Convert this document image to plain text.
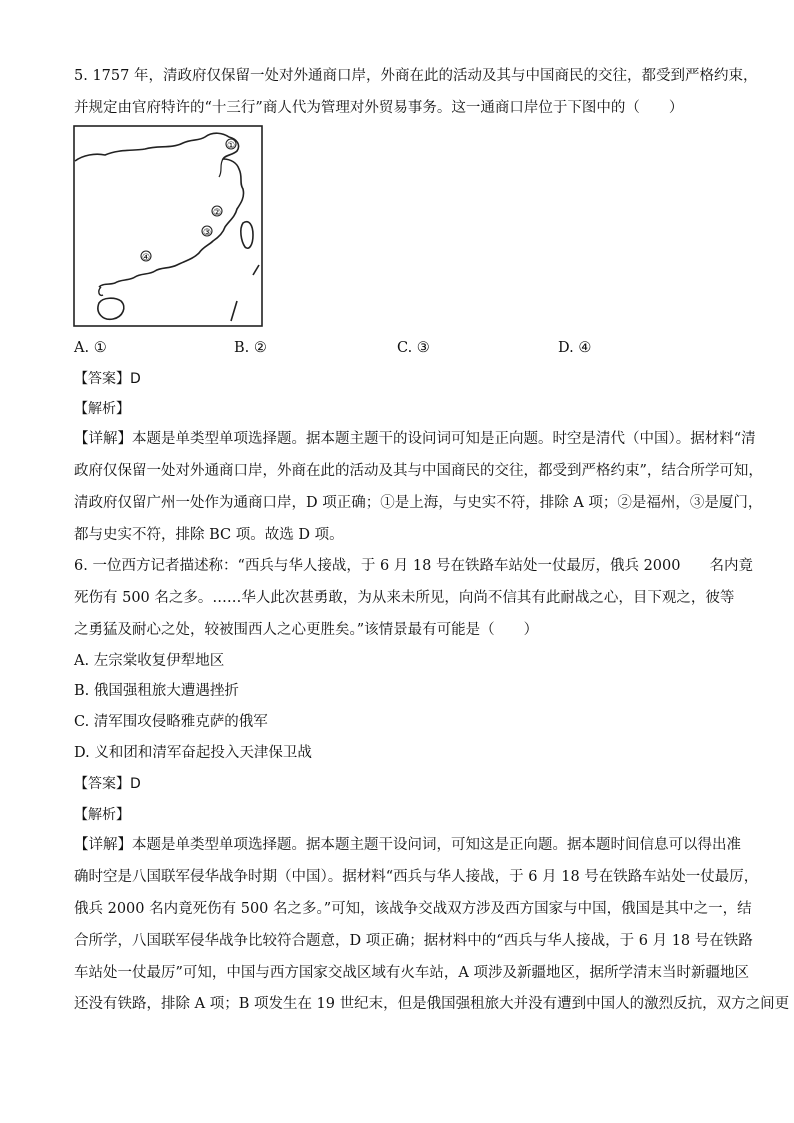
5. 1757 年，清政府仅保留一处对外通商口岸，外商在此的活动及其与中国商民的交往，都受到严格约束，
并规定由官府特许的“十三行”商人代为管理对外贸易事务。这一通商口岸位于下图中的（　　）
①
②
③
④
A. ①	B. ②	C. ③	D. ④
【答案】D
【解析】
【详解】本题是单类型单项选择题。据本题主题干的设问词可知是正向题。时空是清代（中国）。据材料“清
政府仅保留一处对外通商口岸，外商在此的活动及其与中国商民的交往，都受到严格约束”，结合所学可知，
清政府仅留广州一处作为通商口岸，D 项正确；①是上海，与史实不符，排除 A 项；②是福州，③是厦门，
都与史实不符，排除 BC 项。故选 D 项。
6. 一位西方记者描述称：“西兵与华人接战，于 6 月 18 号在铁路车站处一仗最厉，俄兵 2000　　名内竟
死伤有 500 名之多。……华人此次甚勇敢，为从来未所见，向尚不信其有此耐战之心，目下观之，彼等
之勇猛及耐心之处，较被围西人之心更胜矣。”该情景最有可能是（　　）
A. 左宗棠收复伊犁地区
B. 俄国强租旅大遭遇挫折
C. 清军围攻侵略雅克萨的俄军
D. 义和团和清军奋起投入天津保卫战
【答案】D
【解析】
【详解】本题是单类型单项选择题。据本题主题干设问词，可知这是正向题。据本题时间信息可以得出准
确时空是八国联军侵华战争时期（中国）。据材料“西兵与华人接战，于 6 月 18 号在铁路车站处一仗最厉，
俄兵 2000 名内竟死伤有 500 名之多。”可知，该战争交战双方涉及西方国家与中国，俄国是其中之一，结
合所学，八国联军侵华战争比较符合题意，D 项正确；据材料中的“西兵与华人接战，于 6 月 18 号在铁路
车站处一仗最厉”可知，中国与西方国家交战区域有火车站，A 项涉及新疆地区，据所学清末当时新疆地区
还没有铁路，排除 A 项；B 项发生在 19 世纪末，但是俄国强租旅大并没有遭到中国人的激烈反抗，双方之间更
